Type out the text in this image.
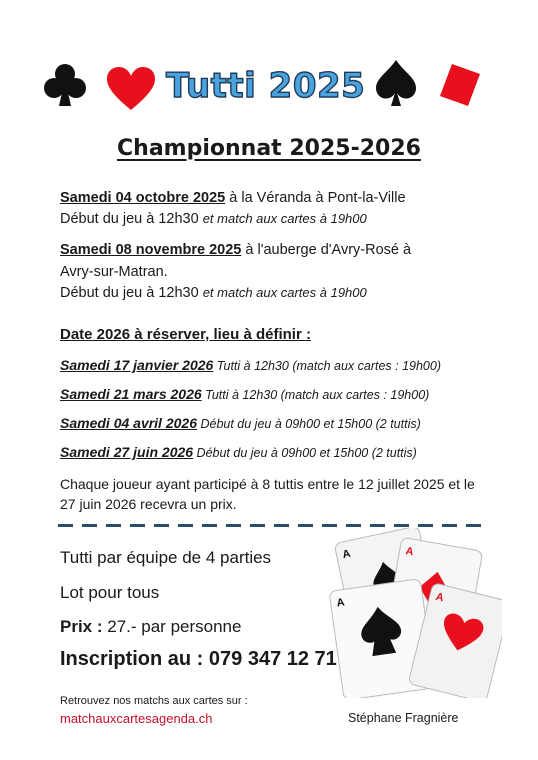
Tutti 2025
Championnat 2025-2026
Samedi 04 octobre 2025 à la Véranda à Pont-la-Ville
Début du jeu à 12h30 et match aux cartes à 19h00
Samedi 08 novembre 2025 à l'auberge d'Avry-Rosé à
Avry-sur-Matran.
Début du jeu à 12h30 et match aux cartes à 19h00
Date 2026 à réserver, lieu à définir :
Samedi 17 janvier 2026 Tutti à 12h30 (match aux cartes : 19h00)
Samedi 21 mars 2026 Tutti à 12h30 (match aux cartes : 19h00)
Samedi 04 avril 2026 Début du jeu à 09h00 et 15h00 (2 tuttis)
Samedi 27 juin 2026 Début du jeu à 09h00 et 15h00 (2 tuttis)
Chaque joueur ayant participé à 8 tuttis entre le 12 juillet 2025 et le 27 juin 2026 recevra un prix.
Tutti par équipe de 4 parties
Lot pour tous
Prix : 27.- par personne
Inscription au : 079 347 12 71
A	A
A	A
Retrouvez nos matchs aux cartes sur :
matchauxcartesagenda.ch	Stéphane Fragnière
